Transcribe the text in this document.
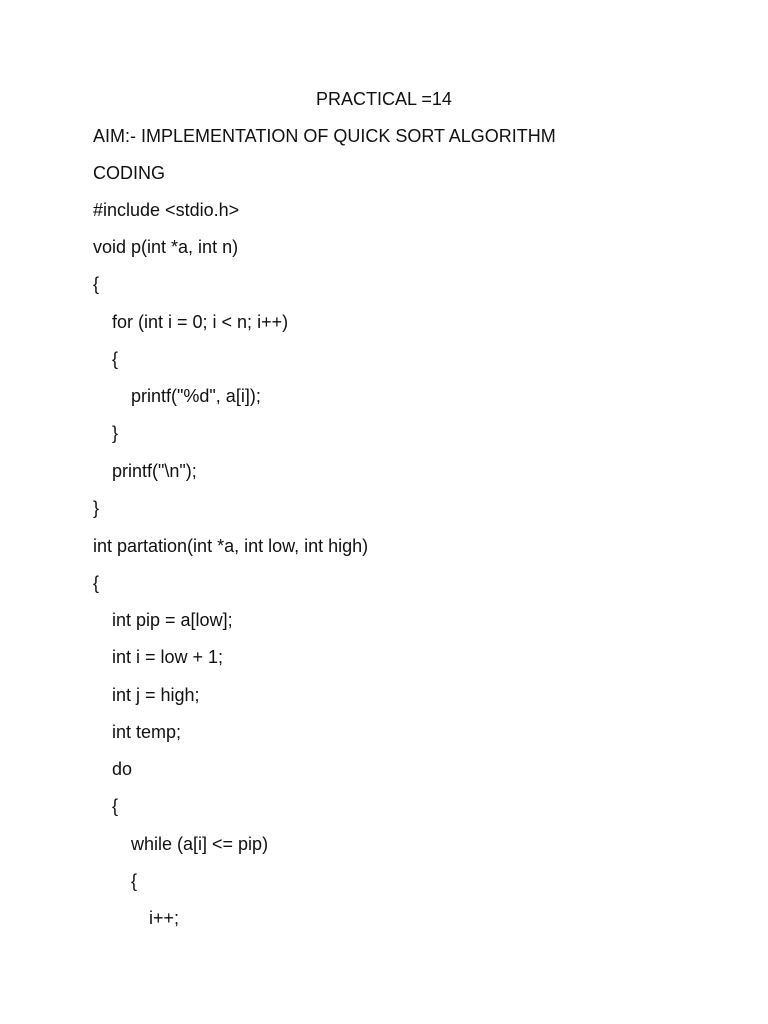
PRACTICAL =14
AIM:- IMPLEMENTATION OF QUICK SORT ALGORITHM
CODING
#include <stdio.h>
void p(int *a, int n)
{
for (int i = 0; i < n; i++)
{
printf("%d", a[i]);
}
printf("\n");
}
int partation(int *a, int low, int high)
{
int pip = a[low];
int i = low + 1;
int j = high;
int temp;
do
{
while (a[i] <= pip)
{
i++;
